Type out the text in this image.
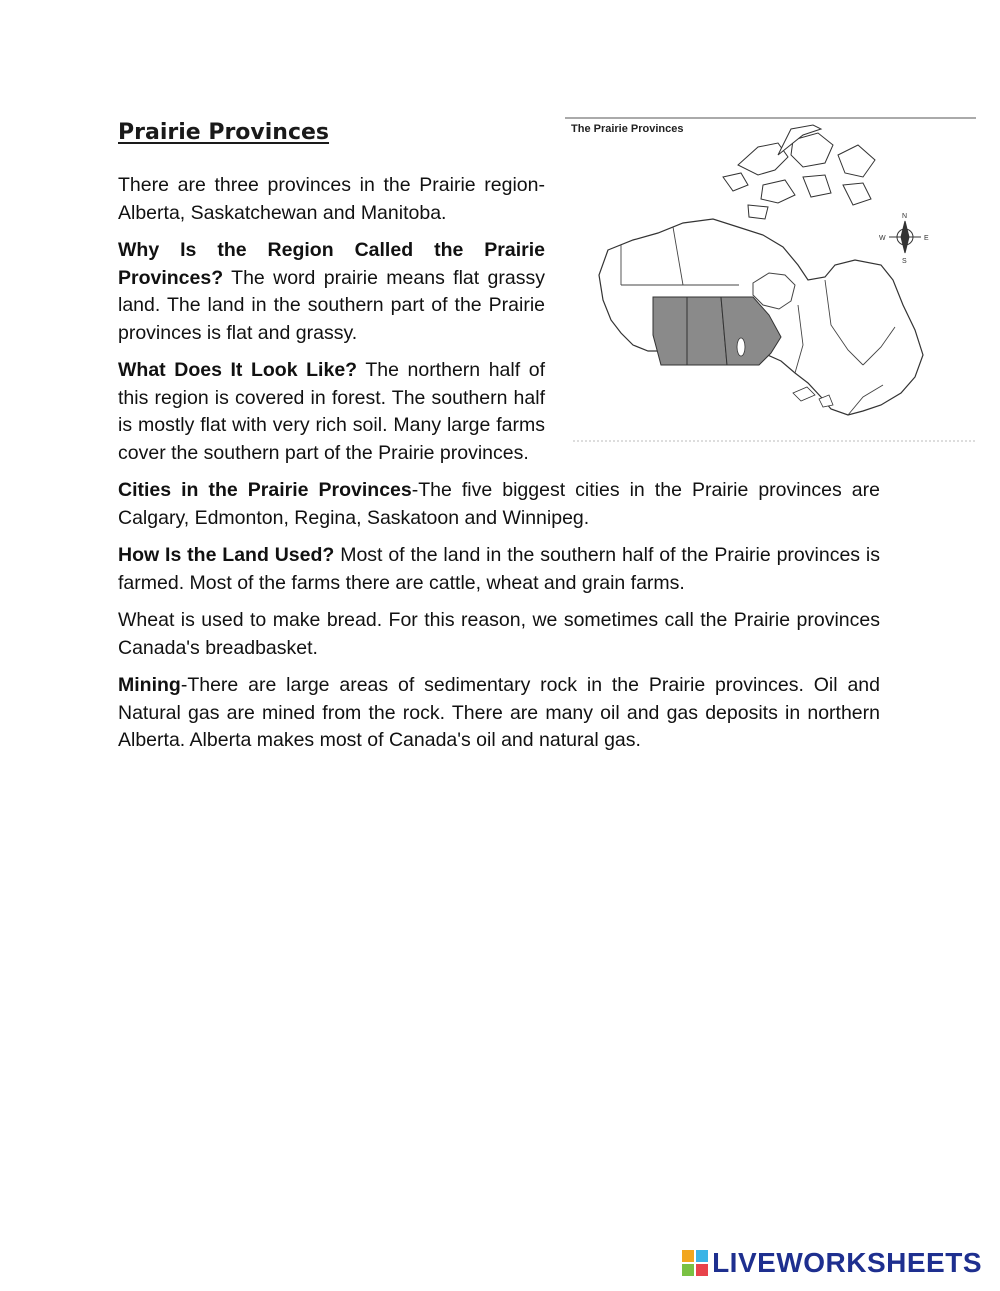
Prairie Provinces
N
S
E
W
The Prairie Provinces

There are three provinces in the Prairie region-Alberta, Saskatchewan and Manitoba.

Why Is the Region Called the Prairie Provinces? The word prairie means flat grassy land. The land in the southern part of the Prairie provinces is flat and grassy.

What Does It Look Like? The northern half of this region is covered in forest. The southern half is mostly flat with very rich soil. Many large farms cover the southern part of the Prairie provinces.

Cities in the Prairie Provinces-The five biggest cities in the Prairie provinces are Calgary, Edmonton, Regina, Saskatoon and Winnipeg.

How Is the Land Used? Most of the land in the southern half of the Prairie provinces is farmed. Most of the farms there are cattle, wheat and grain farms.

Wheat is used to make bread. For this reason, we sometimes call the Prairie provinces Canada's breadbasket.

Mining-There are large areas of sedimentary rock in the Prairie provinces. Oil and Natural gas are mined from the rock. There are many oil and gas deposits in northern Alberta. Alberta makes most of Canada's oil and natural gas.

LIVEWORKSHEETS
